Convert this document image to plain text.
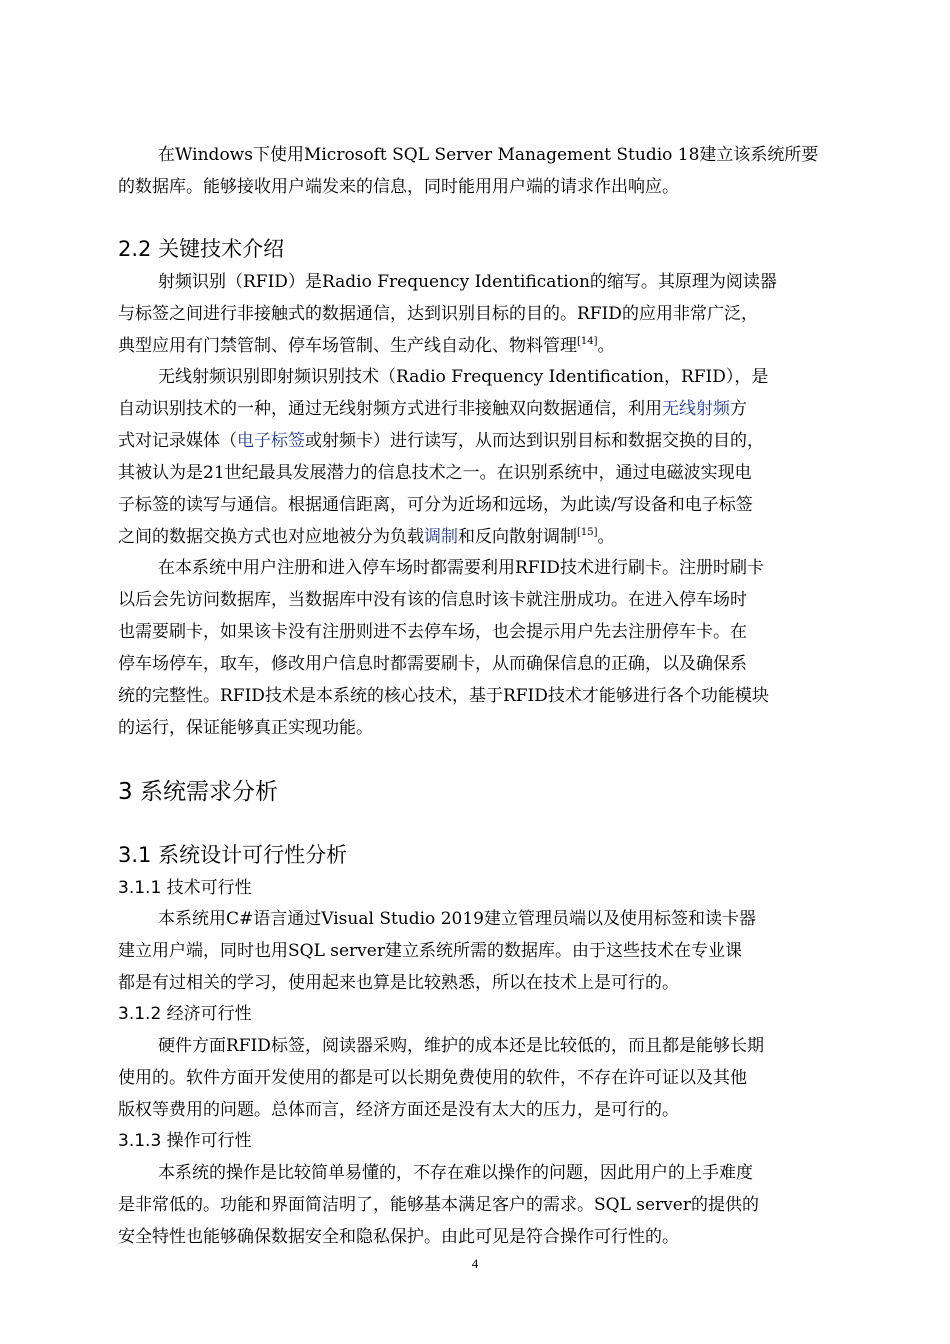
在Windows下使用Microsoft SQL Server Management Studio 18建立该系统所要
的数据库。能够接收用户端发来的信息，同时能用用户端的请求作出响应。
2.2 关键技术介绍
射频识别（RFID）是Radio Frequency Identification的缩写。其原理为阅读器
与标签之间进行非接触式的数据通信，达到识别目标的目的。RFID的应用非常广泛，
典型应用有门禁管制、停车场管制、生产线自动化、物料管理[14]。
无线射频识别即射频识别技术（Radio Frequency Identification，RFID），是
自动识别技术的一种，通过无线射频方式进行非接触双向数据通信，利用无线射频方
式对记录媒体（电子标签或射频卡）进行读写，从而达到识别目标和数据交换的目的，
其被认为是21世纪最具发展潜力的信息技术之一。在识别系统中，通过电磁波实现电
子标签的读写与通信。根据通信距离，可分为近场和远场，为此读/写设备和电子标签
之间的数据交换方式也对应地被分为负载调制和反向散射调制[15]。
在本系统中用户注册和进入停车场时都需要利用RFID技术进行刷卡。注册时刷卡
以后会先访问数据库，当数据库中没有该的信息时该卡就注册成功。在进入停车场时
也需要刷卡，如果该卡没有注册则进不去停车场，也会提示用户先去注册停车卡。在
停车场停车，取车，修改用户信息时都需要刷卡，从而确保信息的正确，以及确保系
统的完整性。RFID技术是本系统的核心技术，基于RFID技术才能够进行各个功能模块
的运行，保证能够真正实现功能。
3 系统需求分析
3.1 系统设计可行性分析
3.1.1 技术可行性
本系统用C#语言通过Visual Studio 2019建立管理员端以及使用标签和读卡器
建立用户端，同时也用SQL server建立系统所需的数据库。由于这些技术在专业课
都是有过相关的学习，使用起来也算是比较熟悉，所以在技术上是可行的。
3.1.2 经济可行性
硬件方面RFID标签，阅读器采购，维护的成本还是比较低的，而且都是能够长期
使用的。软件方面开发使用的都是可以长期免费使用的软件，不存在许可证以及其他
版权等费用的问题。总体而言，经济方面还是没有太大的压力，是可行的。
3.1.3 操作可行性
本系统的操作是比较简单易懂的，不存在难以操作的问题，因此用户的上手难度
是非常低的。功能和界面简洁明了，能够基本满足客户的需求。SQL server的提供的
安全特性也能够确保数据安全和隐私保护。由此可见是符合操作可行性的。
4
